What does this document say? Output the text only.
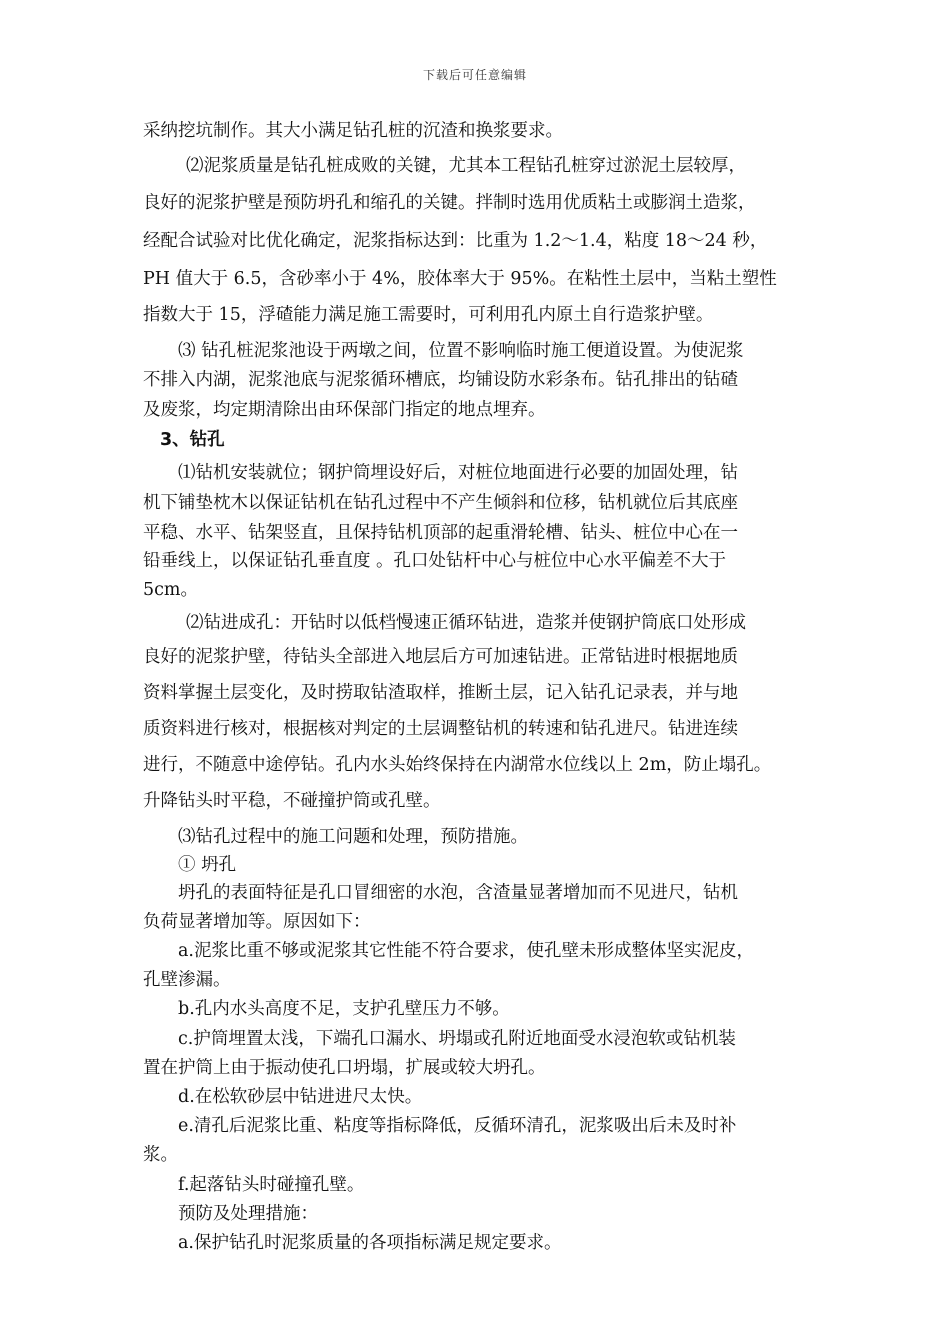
下载后可任意编辑
采纳挖坑制作。其大小满足钻孔桩的沉渣和换浆要求。
⑵泥浆质量是钻孔桩成败的关键，尤其本工程钻孔桩穿过淤泥土层较厚，
良好的泥浆护壁是预防坍孔和缩孔的关键。拌制时选用优质粘土或膨润土造浆，
经配合试验对比优化确定，泥浆指标达到：比重为 1.2～1.4，粘度 18～24 秒，
PH 值大于 6.5，含砂率小于 4%，胶体率大于 95%。在粘性土层中，当粘土塑性
指数大于 15，浮碴能力满足施工需要时，可利用孔内原土自行造浆护壁。
⑶ 钻孔桩泥浆池设于两墩之间，位置不影响临时施工便道设置。为使泥浆
不排入内湖，泥浆池底与泥浆循环槽底，均铺设防水彩条布。钻孔排出的钻碴
及废浆，均定期清除出由环保部门指定的地点埋弃。
3、钻孔
⑴钻机安装就位；钢护筒埋设好后，对桩位地面进行必要的加固处理，钻
机下铺垫枕木以保证钻机在钻孔过程中不产生倾斜和位移，钻机就位后其底座
平稳、水平、钻架竖直，且保持钻机顶部的起重滑轮槽、钻头、桩位中心在一
铅垂线上，以保证钻孔垂直度 。孔口处钻杆中心与桩位中心水平偏差不大于
5cm。
⑵钻进成孔：开钻时以低档慢速正循环钻进，造浆并使钢护筒底口处形成
良好的泥浆护壁，待钻头全部进入地层后方可加速钻进。正常钻进时根据地质
资料掌握土层变化，及时捞取钻渣取样，推断土层，记入钻孔记录表，并与地
质资料进行核对，根据核对判定的土层调整钻机的转速和钻孔进尺。钻进连续
进行，不随意中途停钻。孔内水头始终保持在内湖常水位线以上 2m，防止塌孔。
升降钻头时平稳，不碰撞护筒或孔壁。
⑶钻孔过程中的施工问题和处理，预防措施。
① 坍孔
坍孔的表面特征是孔口冒细密的水泡，含渣量显著增加而不见进尺，钻机
负荷显著增加等。原因如下：
a.泥浆比重不够或泥浆其它性能不符合要求，使孔壁未形成整体坚实泥皮，
孔壁渗漏。
b.孔内水头高度不足，支护孔壁压力不够。
c.护筒埋置太浅，下端孔口漏水、坍塌或孔附近地面受水浸泡软或钻机装
置在护筒上由于振动使孔口坍塌，扩展或较大坍孔。
d.在松软砂层中钻进进尺太快。
e.清孔后泥浆比重、粘度等指标降低，反循环清孔，泥浆吸出后未及时补
浆。
f.起落钻头时碰撞孔壁。
预防及处理措施：
a.保护钻孔时泥浆质量的各项指标满足规定要求。
